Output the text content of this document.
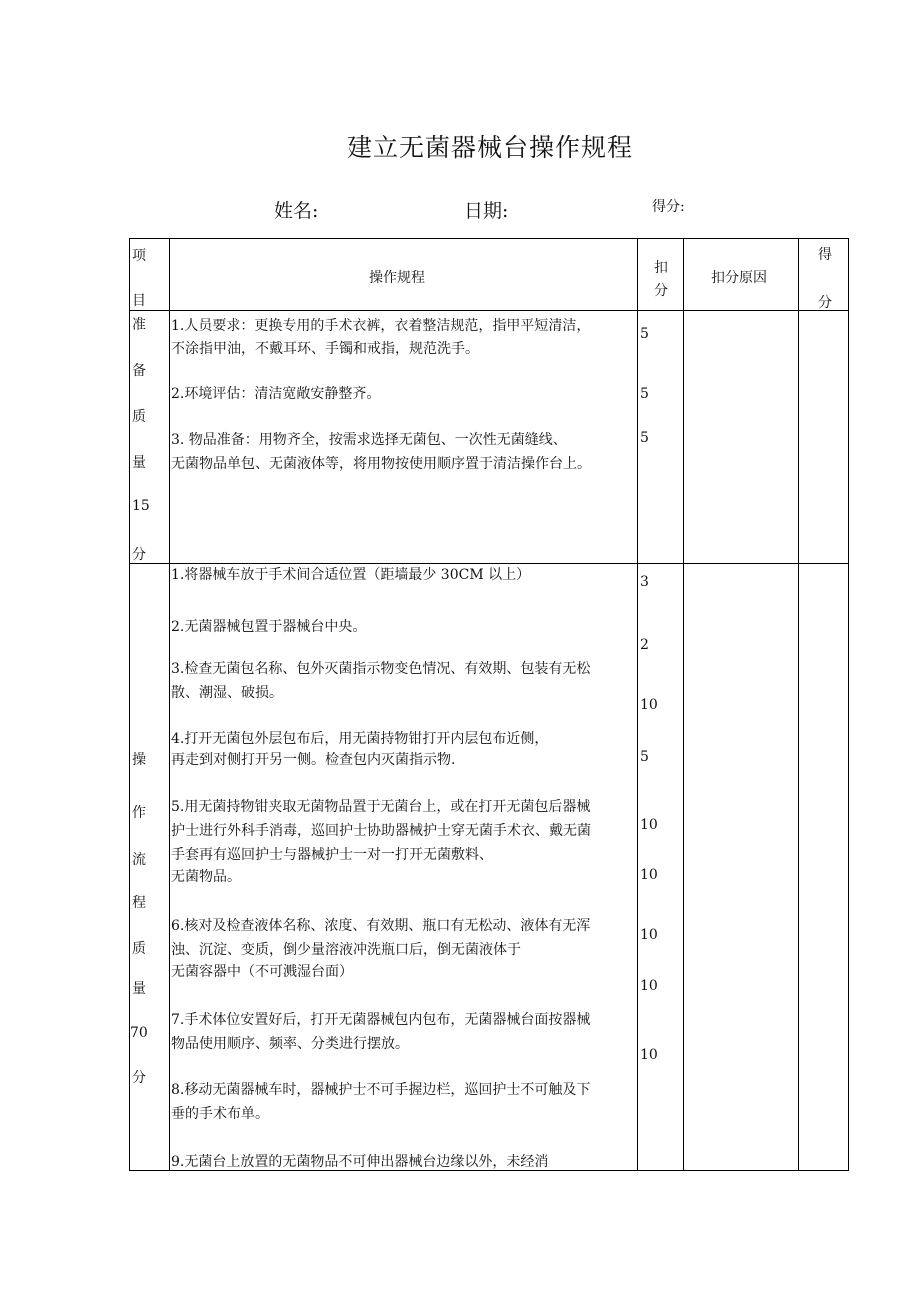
建立无菌器械台操作规程
姓名:	日期:	得分:
项
目
操作规程
扣
分
扣分原因
得
分
准
备
质
量
15
分
1.人员要求：更换专用的手术衣裤，衣着整洁规范，指甲平短清洁，
不涂指甲油，不戴耳环、手镯和戒指，规范洗手。
2.环境评估：清洁宽敞安静整齐。
3. 物品准备：用物齐全，按需求选择无菌包、一次性无菌缝线、
无菌物品单包、无菌液体等，将用物按使用顺序置于清洁操作台上。
5
5
5
操
作
流
程
质
量
70
分
1.将器械车放于手术间合适位置（距墙最少 30CM 以上）
2.无菌器械包置于器械台中央。
3.检查无菌包名称、包外灭菌指示物变色情况、有效期、包装有无松
散、潮湿、破损。
4.打开无菌包外层包布后，用无菌持物钳打开内层包布近侧，
再走到对侧打开另一侧。检查包内灭菌指示物.
5.用无菌持物钳夹取无菌物品置于无菌台上，或在打开无菌包后器械
护士进行外科手消毒，巡回护士协助器械护士穿无菌手术衣、戴无菌
手套再有巡回护士与器械护士一对一打开无菌敷料、
无菌物品。
6.核对及检查液体名称、浓度、有效期、瓶口有无松动、液体有无浑
浊、沉淀、变质，倒少量溶液冲洗瓶口后，倒无菌液体于
无菌容器中（不可溅湿台面）
7.手术体位安置好后，打开无菌器械包内包布，无菌器械台面按器械
物品使用顺序、频率、分类进行摆放。
8.移动无菌器械车时，器械护士不可手握边栏，巡回护士不可触及下
垂的手术布单。
9.无菌台上放置的无菌物品不可伸出器械台边缘以外，未经消
3
2
10
5
10
10
10
10
10
